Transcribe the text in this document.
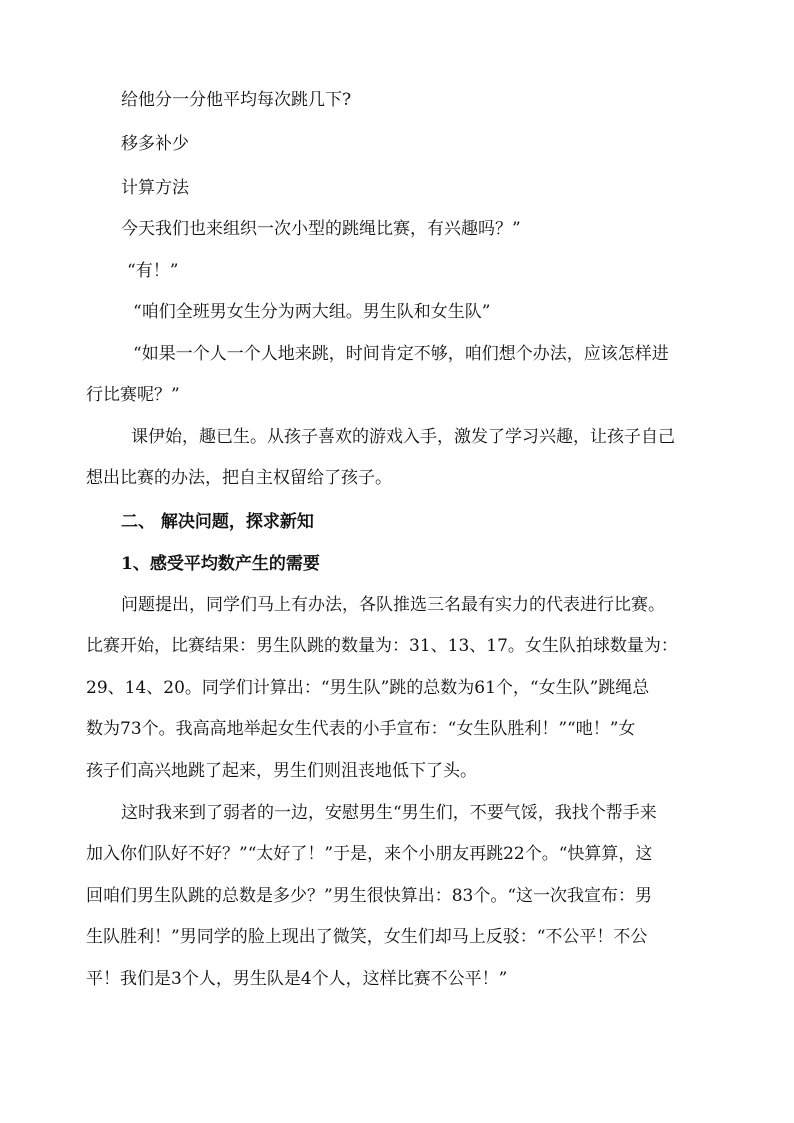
给他分一分他平均每次跳几下?
移多补少
计算方法
今天我们也来组织一次小型的跳绳比赛，有兴趣吗？”
“有！”
“咱们全班男女生分为两大组。男生队和女生队”
“如果一个人一个人地来跳，时间肯定不够，咱们想个办法，应该怎样进
行比赛呢？”
课伊始，趣已生。从孩子喜欢的游戏入手，激发了学习兴趣，让孩子自己
想出比赛的办法，把自主权留给了孩子。
二、 解决问题，探求新知
1、感受平均数产生的需要
问题提出，同学们马上有办法，各队推选三名最有实力的代表进行比赛。
比赛开始，比赛结果：男生队跳的数量为：31、13、17。女生队拍球数量为：
29、14、20。同学们计算出：“男生队”跳的总数为61个，“女生队”跳绳总
数为73个。我高高地举起女生代表的小手宣布：“女生队胜利！”“吔！”女
孩子们高兴地跳了起来，男生们则沮丧地低下了头。
这时我来到了弱者的一边，安慰男生“男生们，不要气馁，我找个帮手来
加入你们队好不好？”“太好了！”于是，来个小朋友再跳22个。“快算算，这
回咱们男生队跳的总数是多少？”男生很快算出：83个。“这一次我宣布：男
生队胜利！”男同学的脸上现出了微笑，女生们却马上反驳：“不公平！不公
平！我们是3个人，男生队是4个人，这样比赛不公平！”
